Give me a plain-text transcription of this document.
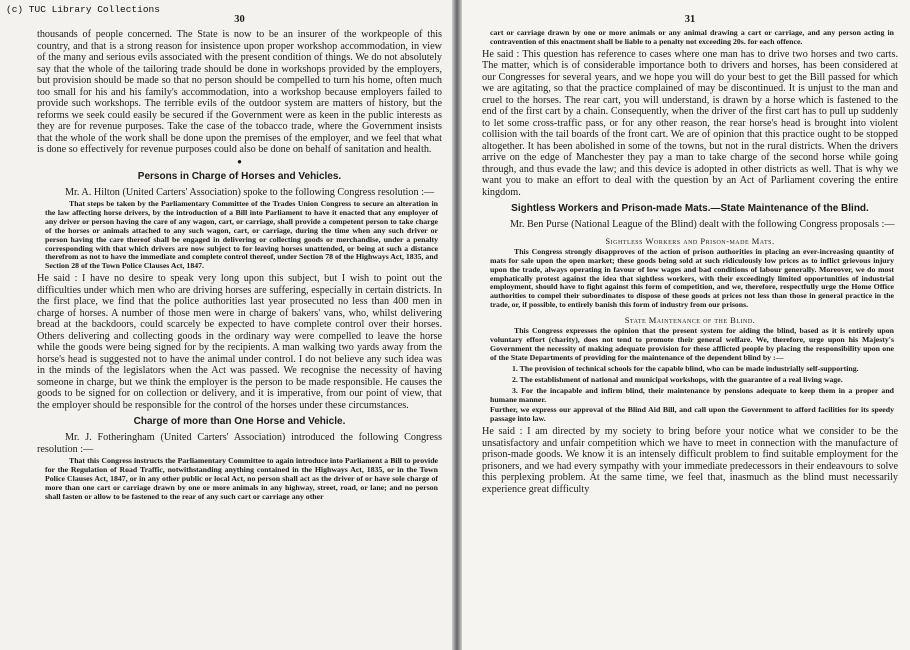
(c) TUC Library Collections
30

thousands of people concerned. The State is now to be an insurer of the workpeople of this country, and that is a strong reason for insistence upon proper workshop accommodation, in view of the many and serious evils associated with the present condition of things. We do not absolutely say that the whole of the tailoring trade should be done in workshops provided by the employers, but provision should be made so that no person should be compelled to turn his home, often much too small for his and his family's accommodation, into a workshop because employers failed to provide such workshops. The terrible evils of the outdoor system are matters of history, but the reforms we seek could easily be secured if the Government were as keen in the public interests as they are for revenue purposes. Take the case of the tobacco trade, where the Government insists that the whole of the work shall be done upon the premises of the employer, and we feel that what is done so effectively for revenue purposes could also be done on behalf of sanitation and health.

●
Persons in Charge of Horses and Vehicles.

Mr. A. Hilton (United Carters' Association) spoke to the following Congress resolution :—

That steps be taken by the Parliamentary Committee of the Trades Union Congress to secure an alteration in the law affecting horse drivers, by the introduction of a Bill into Parliament to have it enacted that any employer of any driver or person having the care of any wagon, cart, or carriage, shall provide a competent person to take charge of the horses or animals attached to any such wagon, cart, or carriage, during the time when any such driver or person having the care thereof shall be engaged in delivering or collecting goods or merchandise, under a penalty corresponding with that which drivers are now subject to for leaving horses unattended, or being at such a distance therefrom as not to have the immediate and complete control thereof, under Section 78 of the Highways Act, 1835, and Section 28 of the Town Police Clauses Act, 1847.

He said : I have no desire to speak very long upon this subject, but I wish to point out the difficulties under which men who are driving horses are suffering, especially in certain districts. In the first place, we find that the police authorities last year prosecuted no less than 400 men in charge of horses. A number of those men were in charge of bakers' vans, who, whilst delivering bread at the backdoors, could scarcely be expected to have complete control over their horses. Others delivering and collecting goods in the ordinary way were compelled to leave the horse while the goods were being signed for by the recipients. A man walking two yards away from the horse's head is suggested not to have the animal under control. I do not believe any such idea was in the minds of the legislators when the Act was passed. We recognise the necessity of having someone in charge, but we think the employer is the person to be made responsible. He causes the goods to be signed for on collection or delivery, and it is imperative, from our point of view, that the employer should be responsible for the control of the horses under these circumstances.

Charge of more than One Horse and Vehicle.

Mr. J. Fotheringham (United Carters' Association) introduced the following Congress resolution :—

That this Congress instructs the Parliamentary Committee to again introduce into Parliament a Bill to provide for the Regulation of Road Traffic, notwithstanding anything contained in the Highways Act, 1835, or in the Town Police Clauses Act, 1847, or in any other public or local Act, no person shall act as the driver of or have sole charge of more than one cart or carriage drawn by one or more animals in any highway, street, road, or lane; and no person shall fasten or allow to be fastened to the rear of any such cart or carriage any other

31

cart or carriage drawn by one or more animals or any animal drawing a cart or carriage, and any person acting in contravention of this enactment shall be liable to a penalty not exceeding 20s. for each offence.

He said : This question has reference to cases where one man has to drive two horses and two carts. The matter, which is of considerable importance both to drivers and horses, has been considered at our Congresses for several years, and we hope you will do your best to get the Bill passed for which we are agitating, so that the practice complained of may be discontinued. It is unjust to the man and cruel to the horses. The rear cart, you will understand, is drawn by a horse which is fastened to the end of the first cart by a chain. Consequently, when the driver of the first cart has to pull up suddenly to let some cross-traffic pass, or for any other reason, the rear horse's head is brought into violent collision with the tail boards of the front cart. We are of opinion that this practice ought to be stopped altogether. It has been abolished in some of the towns, but not in the rural districts. When the drivers arrive on the edge of Manchester they pay a man to take charge of the second horse while going through, and thus evade the law; and this device is adopted in other districts as well. That is why we want you to make an effort to deal with the question by an Act of Parliament covering the entire kingdom.

Sightless Workers and Prison-made Mats.—State Maintenance of the Blind.

Mr. Ben Purse (National League of the Blind) dealt with the following Congress proposals :—

Sightless Workers and Prison-made Mats.

This Congress strongly disapproves of the action of prison authorities in placing an ever-increasing quantity of mats for sale upon the open market; these goods being sold at such ridiculously low prices as to inflict grievous injury upon the trade, always operating in favour of low wages and bad conditions of labour generally. Moreover, we do most emphatically protest against the idea that sightless workers, with their exceedingly limited opportunities of industrial employment, should have to fight against this form of competition, and we, therefore, respectfully urge the Home Office authorities to compel their subordinates to dispose of these goods at prices not less than those in general practice in the trade, or, if possible, to entirely banish this form of industry from our prisons.

State Maintenance of the Blind.

This Congress expresses the opinion that the present system for aiding the blind, based as it is entirely upon voluntary effort (charity), does not tend to promote their general welfare. We, therefore, urge upon his Majesty's Government the necessity of making adequate provision for these afflicted people by placing the responsibility upon one of the State Departments of providing for the maintenance of the dependent blind by :—

1. The provision of technical schools for the capable blind, who can be made industrially self-supporting.

2. The establishment of national and municipal workshops, with the guarantee of a real living wage.

3. For the incapable and infirm blind, their maintenance by pensions adequate to keep them in a proper and humane manner.

Further, we express our approval of the Blind Aid Bill, and call upon the Government to afford facilities for its speedy passage into law.

He said : I am directed by my society to bring before your notice what we consider to be the unsatisfactory and unfair competition which we have to meet in connection with the manufacture of prison-made goods. We know it is an intensely difficult problem to find suitable employment for the prisoners, and we had every sympathy with your immediate predecessors in their endeavours to solve this perplexing problem. At the same time, we feel that, inasmuch as the blind must necessarily experience great difficulty
